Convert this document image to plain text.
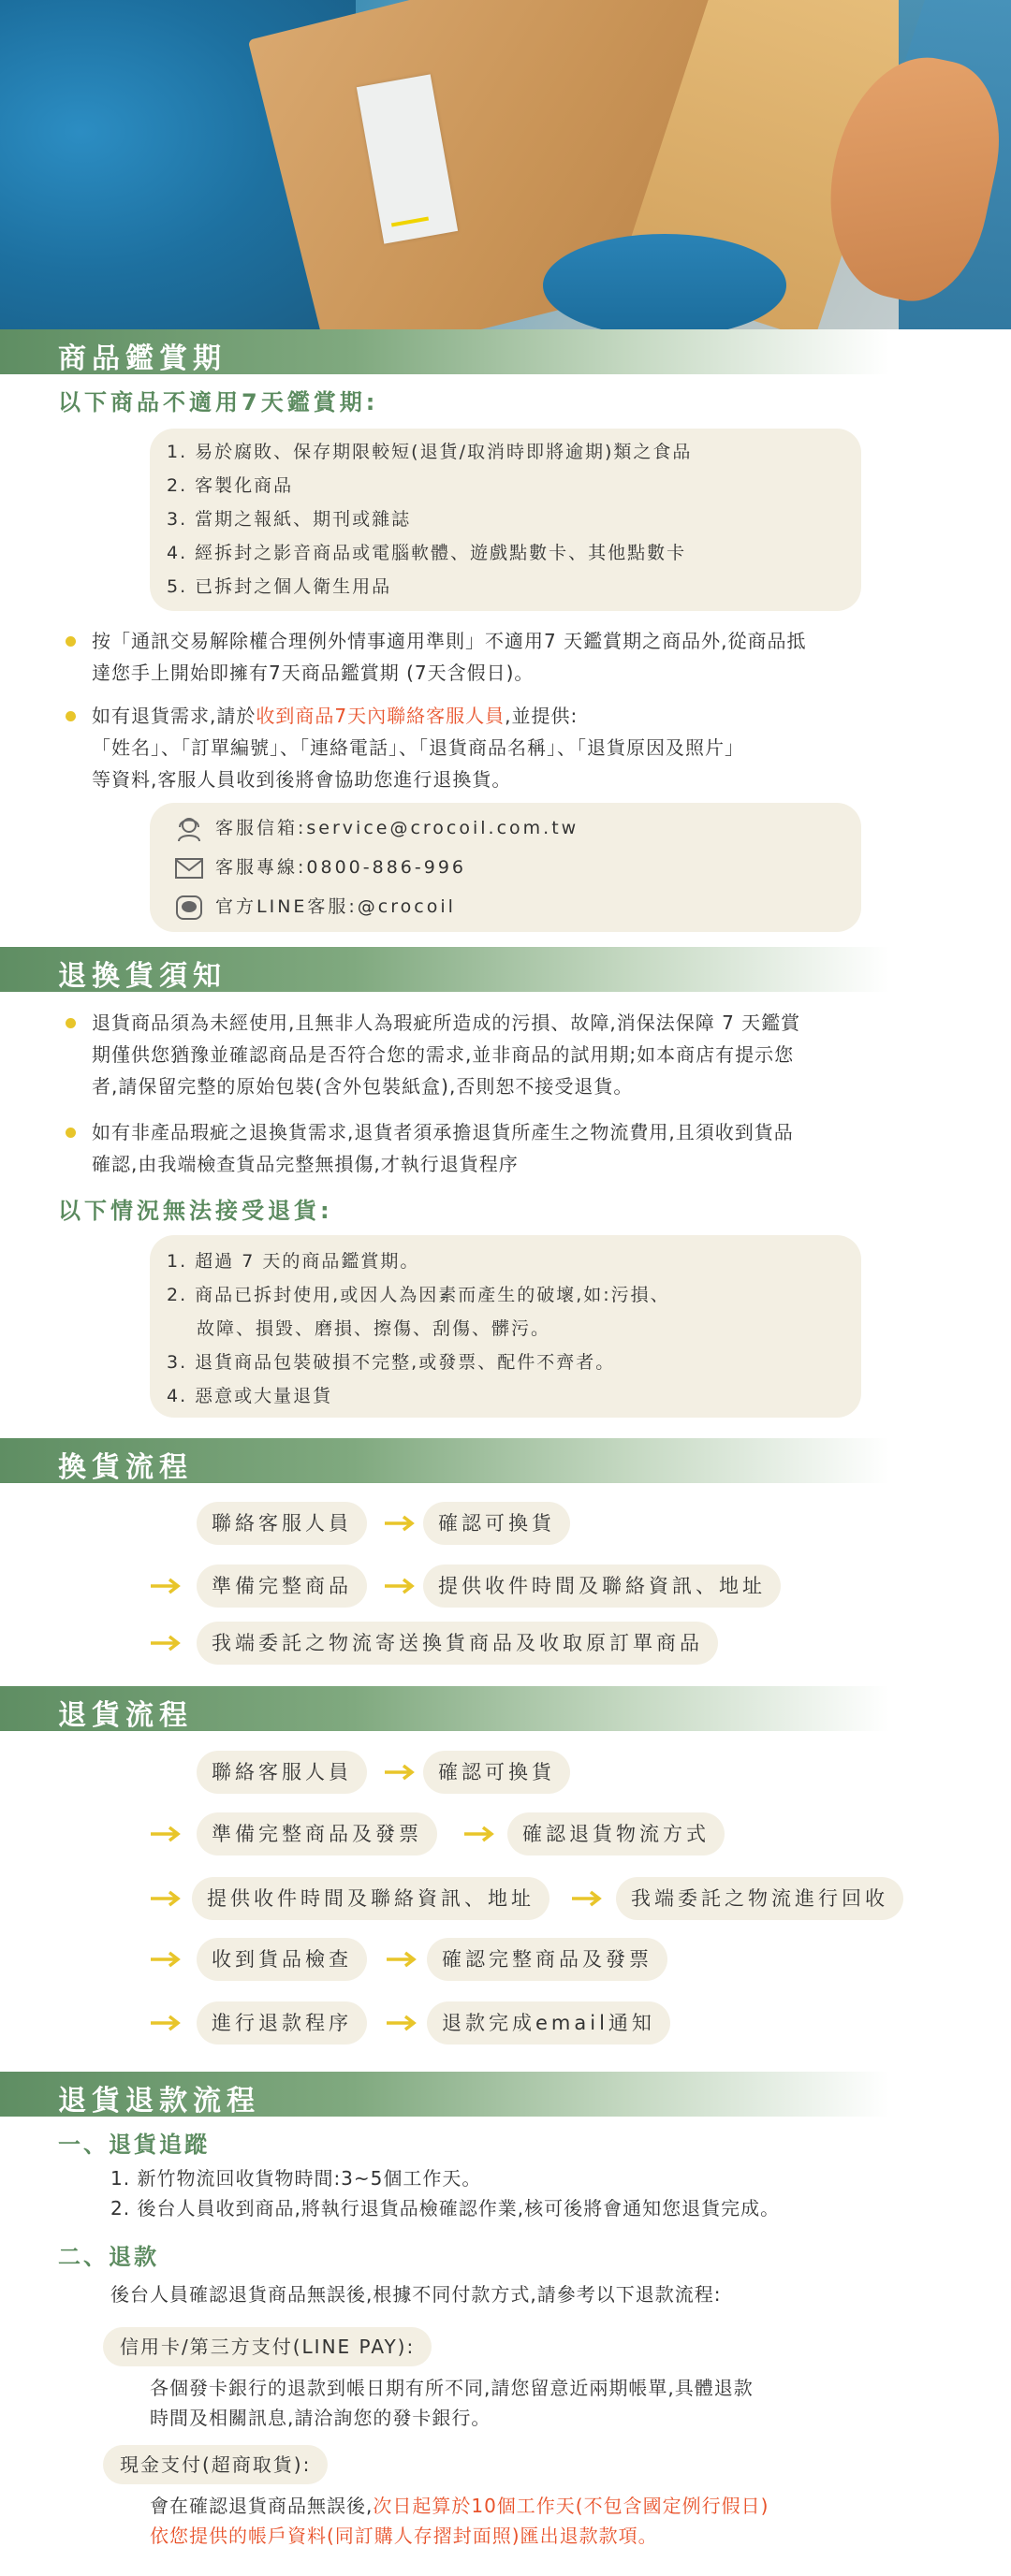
商品鑑賞期
以下商品不適用7天鑑賞期:
1. 易於腐敗、保存期限較短(退貨/取消時即將逾期)類之食品
2. 客製化商品
3. 當期之報紙、期刊或雜誌
4. 經拆封之影音商品或電腦軟體、遊戲點數卡、其他點數卡
5. 已拆封之個人衛生用品
按「通訊交易解除權合理例外情事適用準則」不適用7 天鑑賞期之商品外,從商品抵
達您手上開始即擁有7天商品鑑賞期 (7天含假日)。
如有退貨需求,請於收到商品7天內聯絡客服人員,並提供:
「姓名」、「訂單編號」、「連絡電話」、「退貨商品名稱」、「退貨原因及照片」
等資料,客服人員收到後將會協助您進行退換貨。
客服信箱:service@crocoil.com.tw
客服專線:0800-886-996
官方LINE客服:@crocoil
退換貨須知
退貨商品須為未經使用,且無非人為瑕疵所造成的污損、故障,消保法保障 7 天鑑賞
期僅供您猶豫並確認商品是否符合您的需求,並非商品的試用期;如本商店有提示您
者,請保留完整的原始包裝(含外包裝紙盒),否則恕不接受退貨。
如有非產品瑕疵之退換貨需求,退貨者須承擔退貨所產生之物流費用,且須收到貨品
確認,由我端檢查貨品完整無損傷,才執行退貨程序
以下情況無法接受退貨:
1. 超過 7 天的商品鑑賞期。
2. 商品已拆封使用,或因人為因素而產生的破壞,如:污損、
故障、損毀、磨損、擦傷、刮傷、髒污。
3. 退貨商品包裝破損不完整,或發票、配件不齊者。
4. 惡意或大量退貨
換貨流程
聯絡客服人員	確認可換貨
準備完整商品	提供收件時間及聯絡資訊、地址
我端委託之物流寄送換貨商品及收取原訂單商品
退貨流程
聯絡客服人員	確認可換貨
準備完整商品及發票	確認退貨物流方式
提供收件時間及聯絡資訊、地址	我端委託之物流進行回收
收到貨品檢查	確認完整商品及發票
進行退款程序	退款完成email通知
退貨退款流程
一、退貨追蹤
1. 新竹物流回收貨物時間:3~5個工作天。
2. 後台人員收到商品,將執行退貨品檢確認作業,核可後將會通知您退貨完成。
二、退款
後台人員確認退貨商品無誤後,根據不同付款方式,請參考以下退款流程:
信用卡/第三方支付(LINE PAY):
各個發卡銀行的退款到帳日期有所不同,請您留意近兩期帳單,具體退款
時間及相關訊息,請洽詢您的發卡銀行。
現金支付(超商取貨):
會在確認退貨商品無誤後,次日起算於10個工作天(不包含國定例行假日)
依您提供的帳戶資料(同訂購人存摺封面照)匯出退款款項。
